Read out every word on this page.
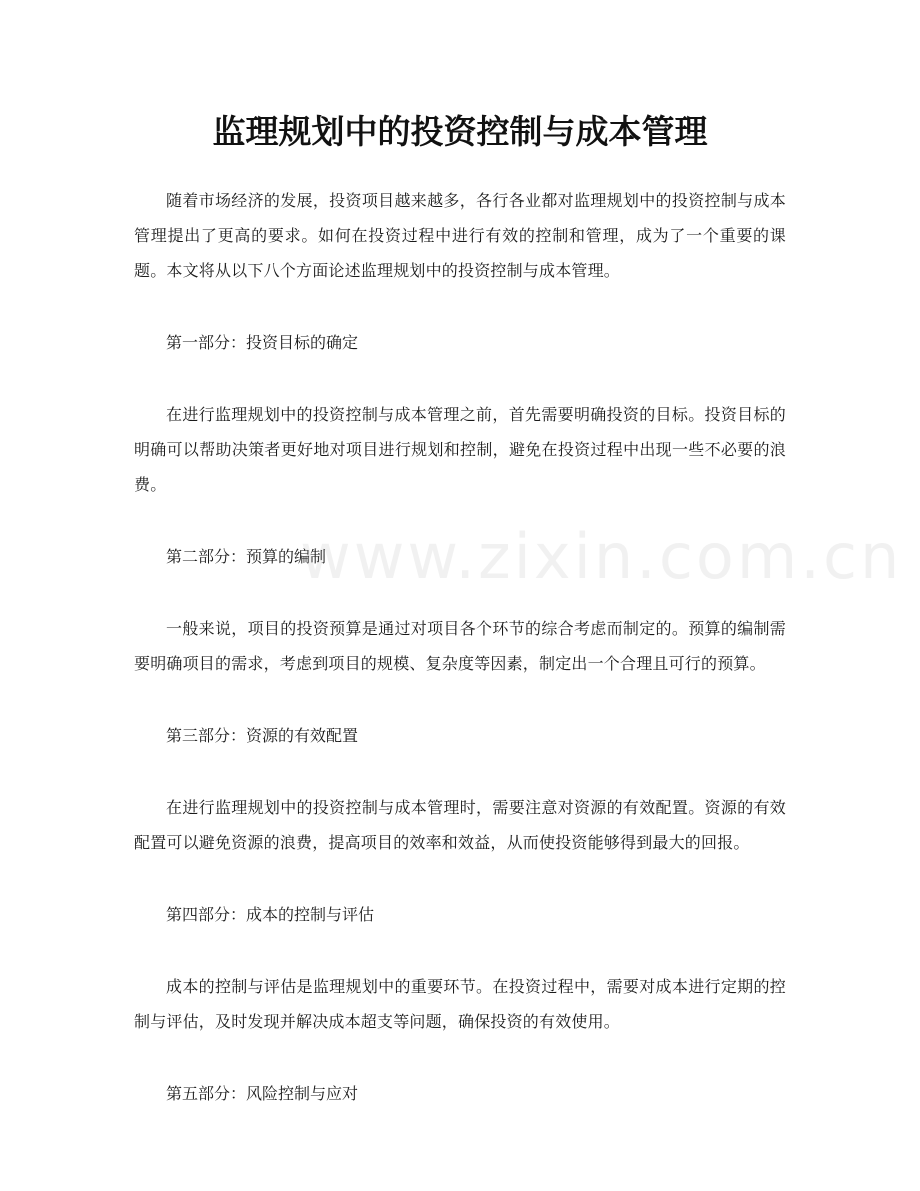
监理规划中的投资控制与成本管理

随着市场经济的发展，投资项目越来越多，各行各业都对监理规划中的投资控制与成本管理提出了更高的要求。如何在投资过程中进行有效的控制和管理，成为了一个重要的课题。本文将从以下八个方面论述监理规划中的投资控制与成本管理。

第一部分：投资目标的确定

在进行监理规划中的投资控制与成本管理之前，首先需要明确投资的目标。投资目标的明确可以帮助决策者更好地对项目进行规划和控制，避免在投资过程中出现一些不必要的浪费。

第二部分：预算的编制

一般来说，项目的投资预算是通过对项目各个环节的综合考虑而制定的。预算的编制需要明确项目的需求，考虑到项目的规模、复杂度等因素，制定出一个合理且可行的预算。

第三部分：资源的有效配置

在进行监理规划中的投资控制与成本管理时，需要注意对资源的有效配置。资源的有效配置可以避免资源的浪费，提高项目的效率和效益，从而使投资能够得到最大的回报。

第四部分：成本的控制与评估

成本的控制与评估是监理规划中的重要环节。在投资过程中，需要对成本进行定期的控制与评估，及时发现并解决成本超支等问题，确保投资的有效使用。

第五部分：风险控制与应对

www.zixin.com.cn
